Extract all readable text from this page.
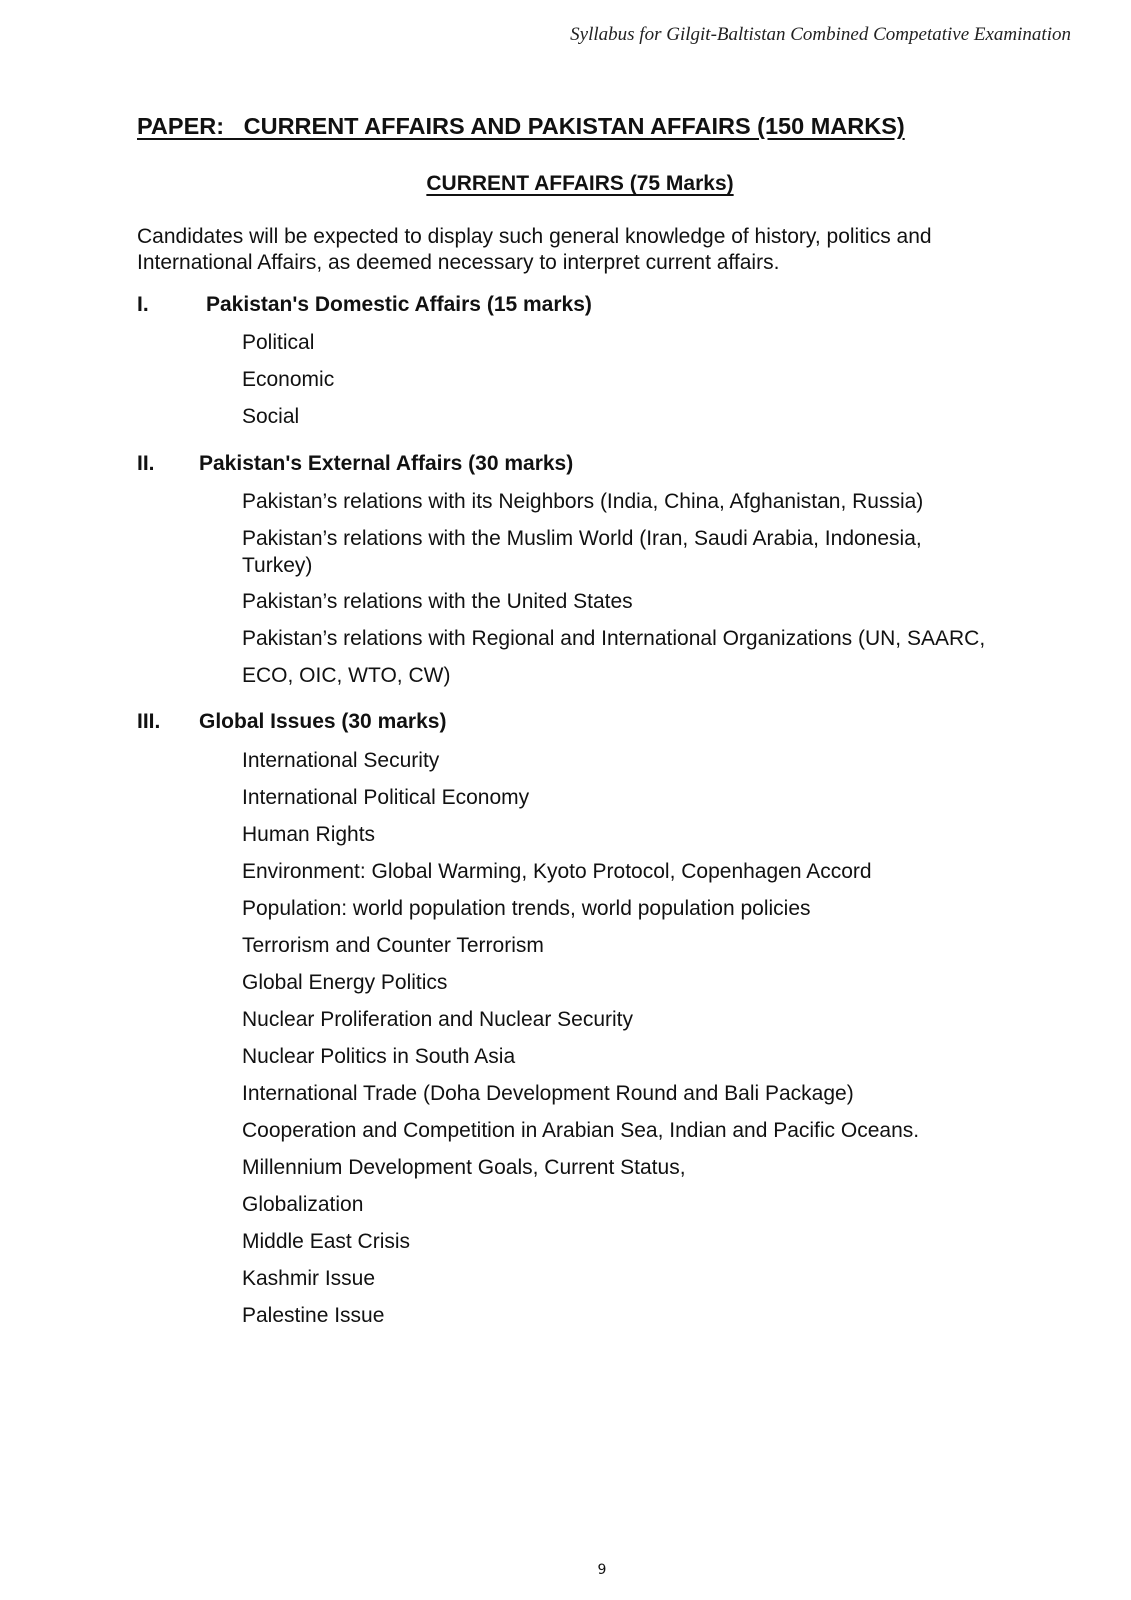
Syllabus for Gilgit-Baltistan Combined Competative Examination
PAPER:   CURRENT AFFAIRS AND PAKISTAN AFFAIRS (150 MARKS)
CURRENT AFFAIRS (75 Marks)
Candidates will be expected to display such general knowledge of history, politics and
International Affairs, as deemed necessary to interpret current affairs.
I.	Pakistan's Domestic Affairs (15 marks)
Political
Economic
Social
II. Pakistan's External Affairs (30 marks)
Pakistan’s relations with its Neighbors (India, China, Afghanistan, Russia)
Pakistan’s relations with the Muslim World (Iran, Saudi Arabia, Indonesia,
Turkey)
Pakistan’s relations with the United States
Pakistan’s relations with Regional and International Organizations (UN, SAARC,
ECO, OIC, WTO, CW)
III. Global Issues (30 marks)
International Security
International Political Economy
Human Rights
Environment: Global Warming, Kyoto Protocol, Copenhagen Accord
Population: world population trends, world population policies
Terrorism and Counter Terrorism
Global Energy Politics
Nuclear Proliferation and Nuclear Security
Nuclear Politics in South Asia
International Trade (Doha Development Round and Bali Package)
Cooperation and Competition in Arabian Sea, Indian and Pacific Oceans.
Millennium Development Goals, Current Status,
Globalization
Middle East Crisis
Kashmir Issue
Palestine Issue
9
